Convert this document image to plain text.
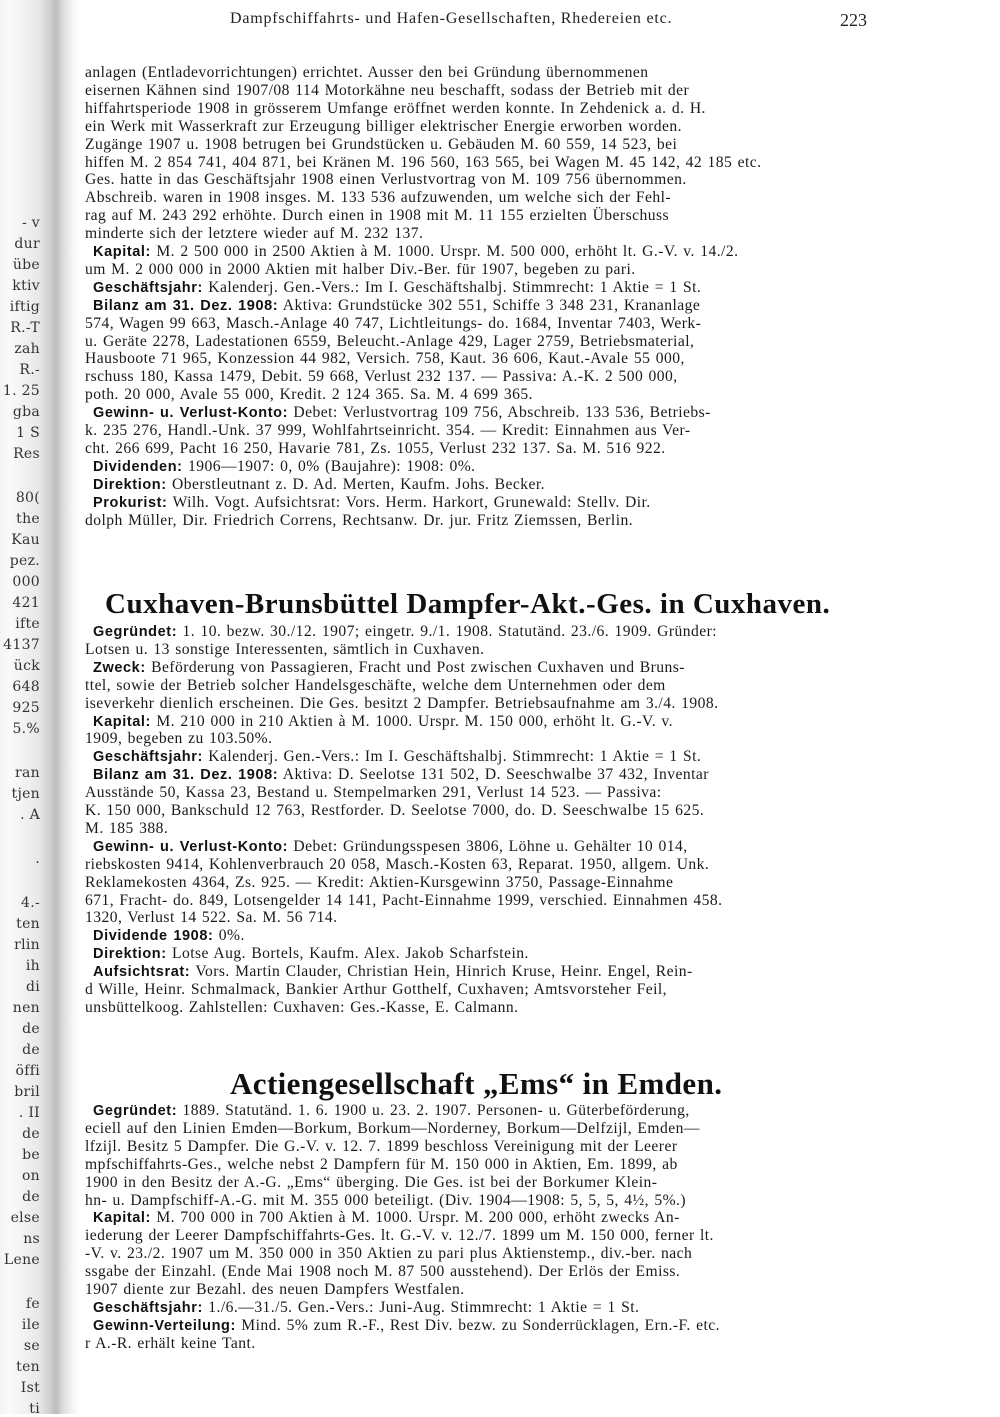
- v
dur
übe
ktiv
iftig
R.-T
zah
R.-
1. 25
gba
1 S
Res
80(
the
Kau
pez.
000
421
ifte
4137
ück
648
925
5.%
ran
tjen
. A
.
4.-
ten
rlin
ih
di
nen
de
de
öffi
bril
. II
de
be
on
de
else
ns
Lene
fe
ile
se
ten
Ist
ti
Dampfschiffahrts- und Hafen-Gesellschaften, Rhedereien etc.	223
anlagen (Entladevorrichtungen) errichtet. Ausser den bei Gründung übernommenen
eisernen Kähnen sind 1907/08 114 Motorkähne neu beschafft, sodass der Betrieb mit der
hiffahrtsperiode 1908 in grösserem Umfange eröffnet werden konnte. In Zehdenick a. d. H.
ein Werk mit Wasserkraft zur Erzeugung billiger elektrischer Energie erworben worden.
Zugänge 1907 u. 1908 betrugen bei Grundstücken u. Gebäuden M. 60 559, 14 523, bei
hiffen M. 2 854 741, 404 871, bei Kränen M. 196 560, 163 565, bei Wagen M. 45 142, 42 185 etc.
Ges. hatte in das Geschäftsjahr 1908 einen Verlustvortrag von M. 109 756 übernommen.
Abschreib. waren in 1908 insges. M. 133 536 aufzuwenden, um welche sich der Fehl-
rag auf M. 243 292 erhöhte. Durch einen in 1908 mit M. 11 155 erzielten Überschuss
minderte sich der letztere wieder auf M. 232 137.
Kapital: M. 2 500 000 in 2500 Aktien à M. 1000. Urspr. M. 500 000, erhöht lt. G.-V. v. 14./2.
um M. 2 000 000 in 2000 Aktien mit halber Div.-Ber. für 1907, begeben zu pari.
Geschäftsjahr: Kalenderj. Gen.-Vers.: Im I. Geschäftshalbj. Stimmrecht: 1 Aktie = 1 St.
Bilanz am 31. Dez. 1908: Aktiva: Grundstücke 302 551, Schiffe 3 348 231, Krananlage
574, Wagen 99 663, Masch.-Anlage 40 747, Lichtleitungs- do. 1684, Inventar 7403, Werk-
u. Geräte 2278, Ladestationen 6559, Beleucht.-Anlage 429, Lager 2759, Betriebsmaterial,
Hausboote 71 965, Konzession 44 982, Versich. 758, Kaut. 36 606, Kaut.-Avale 55 000,
rschuss 180, Kassa 1479, Debit. 59 668, Verlust 232 137. — Passiva: A.-K. 2 500 000,
poth. 20 000, Avale 55 000, Kredit. 2 124 365. Sa. M. 4 699 365.
Gewinn- u. Verlust-Konto: Debet: Verlustvortrag 109 756, Abschreib. 133 536, Betriebs-
k. 235 276, Handl.-Unk. 37 999, Wohlfahrtseinricht. 354. — Kredit: Einnahmen aus Ver-
cht. 266 699, Pacht 16 250, Havarie 781, Zs. 1055, Verlust 232 137. Sa. M. 516 922.
Dividenden: 1906—1907: 0, 0% (Baujahre): 1908: 0%.
Direktion: Oberstleutnant z. D. Ad. Merten, Kaufm. Johs. Becker.
Prokurist: Wilh. Vogt. Aufsichtsrat: Vors. Herm. Harkort, Grunewald: Stellv. Dir.
dolph Müller, Dir. Friedrich Correns, Rechtsanw. Dr. jur. Fritz Ziemssen, Berlin.
Cuxhaven-Brunsbüttel Dampfer-Akt.-Ges. in Cuxhaven.
Gegründet: 1. 10. bezw. 30./12. 1907; eingetr. 9./1. 1908. Statutänd. 23./6. 1909. Gründer:
Lotsen u. 13 sonstige Interessenten, sämtlich in Cuxhaven.
Zweck: Beförderung von Passagieren, Fracht und Post zwischen Cuxhaven und Bruns-
ttel, sowie der Betrieb solcher Handelsgeschäfte, welche dem Unternehmen oder dem
iseverkehr dienlich erscheinen. Die Ges. besitzt 2 Dampfer. Betriebsaufnahme am 3./4. 1908.
Kapital: M. 210 000 in 210 Aktien à M. 1000. Urspr. M. 150 000, erhöht lt. G.-V. v.
1909, begeben zu 103.50%.
Geschäftsjahr: Kalenderj. Gen.-Vers.: Im I. Geschäftshalbj. Stimmrecht: 1 Aktie = 1 St.
Bilanz am 31. Dez. 1908: Aktiva: D. Seelotse 131 502, D. Seeschwalbe 37 432, Inventar
Ausstände 50, Kassa 23, Bestand u. Stempelmarken 291, Verlust 14 523. — Passiva:
K. 150 000, Bankschuld 12 763, Restforder. D. Seelotse 7000, do. D. Seeschwalbe 15 625.
M. 185 388.
Gewinn- u. Verlust-Konto: Debet: Gründungsspesen 3806, Löhne u. Gehälter 10 014,
riebskosten 9414, Kohlenverbrauch 20 058, Masch.-Kosten 63, Reparat. 1950, allgem. Unk.
Reklamekosten 4364, Zs. 925. — Kredit: Aktien-Kursgewinn 3750, Passage-Einnahme
671, Fracht- do. 849, Lotsengelder 14 141, Pacht-Einnahme 1999, verschied. Einnahmen 458.
1320, Verlust 14 522. Sa. M. 56 714.
Dividende 1908: 0%.
Direktion: Lotse Aug. Bortels, Kaufm. Alex. Jakob Scharfstein.
Aufsichtsrat: Vors. Martin Clauder, Christian Hein, Hinrich Kruse, Heinr. Engel, Rein-
d Wille, Heinr. Schmalmack, Bankier Arthur Gotthelf, Cuxhaven; Amtsvorsteher Feil,
unsbüttelkoog. Zahlstellen: Cuxhaven: Ges.-Kasse, E. Calmann.
Actiengesellschaft „Ems“ in Emden.
Gegründet: 1889. Statutänd. 1. 6. 1900 u. 23. 2. 1907. Personen- u. Güterbeförderung,
eciell auf den Linien Emden—Borkum, Borkum—Norderney, Borkum—Delfzijl, Emden—
lfzijl. Besitz 5 Dampfer. Die G.-V. v. 12. 7. 1899 beschloss Vereinigung mit der Leerer
mpfschiffahrts-Ges., welche nebst 2 Dampfern für M. 150 000 in Aktien, Em. 1899, ab
1900 in den Besitz der A.-G. „Ems“ überging. Die Ges. ist bei der Borkumer Klein-
hn- u. Dampfschiff-A.-G. mit M. 355 000 beteiligt. (Div. 1904—1908: 5, 5, 5, 4½, 5%.)
Kapital: M. 700 000 in 700 Aktien à M. 1000. Urspr. M. 200 000, erhöht zwecks An-
iederung der Leerer Dampfschiffahrts-Ges. lt. G.-V. v. 12./7. 1899 um M. 150 000, ferner lt.
-V. v. 23./2. 1907 um M. 350 000 in 350 Aktien zu pari plus Aktienstemp., div.-ber. nach
ssgabe der Einzahl. (Ende Mai 1908 noch M. 87 500 ausstehend). Der Erlös der Emiss.
1907 diente zur Bezahl. des neuen Dampfers Westfalen.
Geschäftsjahr: 1./6.—31./5. Gen.-Vers.: Juni-Aug. Stimmrecht: 1 Aktie = 1 St.
Gewinn-Verteilung: Mind. 5% zum R.-F., Rest Div. bezw. zu Sonderrücklagen, Ern.-F. etc.
r A.-R. erhält keine Tant.
